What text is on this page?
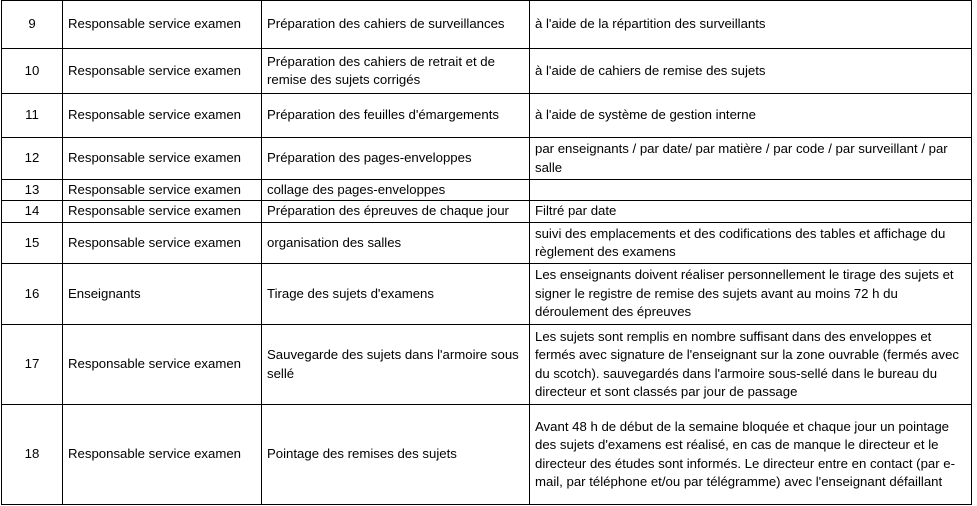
9	Responsable service examen	Préparation des cahiers de surveillances	à l'aide de la répartition des surveillants
10	Responsable service examen	Préparation des cahiers de retrait et de remise des sujets corrigés	à l'aide de cahiers de remise des sujets
11	Responsable service examen	Préparation des feuilles d'émargements	à l'aide de système de gestion interne
12	Responsable service examen	Préparation des pages-enveloppes	par enseignants / par date/ par matière / par code / par surveillant / par salle
13	Responsable service examen	collage des pages-enveloppes	
14	Responsable service examen	Préparation des épreuves de chaque jour	Filtré par date
15	Responsable service examen	organisation des salles	suivi des emplacements et des codifications des tables et affichage du règlement des examens
16	Enseignants	Tirage des sujets d'examens	Les enseignants doivent réaliser personnellement le tirage des sujets et signer le registre de remise des sujets avant au moins 72 h du déroulement des épreuves
17	Responsable service examen	Sauvegarde des sujets dans l'armoire sous sellé	Les sujets sont remplis en nombre suffisant dans des enveloppes et fermés avec signature de l'enseignant sur la zone ouvrable (fermés avec du scotch). sauvegardés dans l'armoire sous-sellé dans le bureau du directeur et sont classés par jour de passage
18	Responsable service examen	Pointage des remises des sujets	Avant 48 h de début de la semaine bloquée et chaque jour un pointage des sujets d'examens est réalisé, en cas de manque le directeur et le directeur des études sont informés. Le directeur entre en contact (par e-mail, par téléphone et/ou par télégramme) avec l'enseignant défaillant
